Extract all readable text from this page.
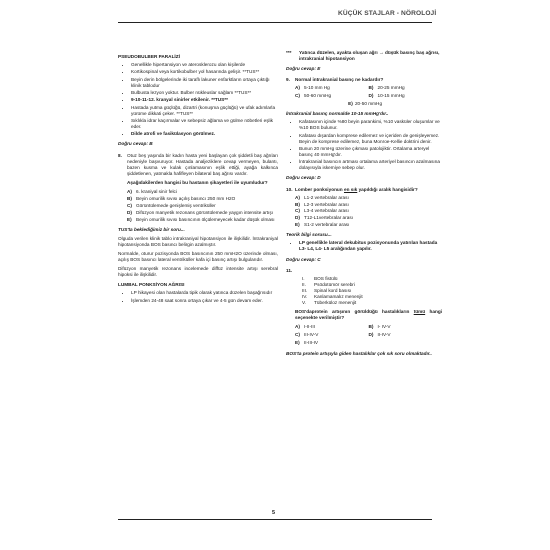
KÜÇÜK STAJLAR - NÖROLOJİ
PSEUDOBULBER PARALİZİ
• Genellikle hipertansiyon ve aterosklerozu olan kişilerde
• Kortikospinal veya kortikobulber yol hasarında gelişir. **TUS**
• Beyin derin bölgelerinde iki taraflı lakuner enfarktların ortaya çıktığı klinik tablodur
• Bulbusta lezyon yoktur. Bulber nükleuslar sağlam **TUS**
• 9-10-11-12. kranyal sinirler etkilenir. **TUS**
• Hastada yutma güçlüğü, dizartri (konuşma güçlüğü) ve ufak adımlarla yürüme dikkati çeker. **TUS**
• Sıklıkla idrar kaçırmalar ve sebepsiz ağlama ve gülme nöbetleri eşlik eder.
• Dilde atrofi ve fasikülasyon görülmez.
Doğru cevap: B
8.	Otuz beş yaşında bir kadın hasta yeni başlayan çok şiddetli baş ağrıları nedeniyle başvuruyor. Hastada analjeziklere cevap vermeyen, bulantı, bazen kusma ve kulak çınlamasının eşlik ettiği, ayağa kalkınca şiddetlenen, yatmakla hafifleyen bilateral baş ağrısı vardır.
Aşağıdakilerden hangisi bu hastanın şikayetleri ile uyumludur?
A) 6. kraniyal sinir felci
B) Beyin omurilik sıvısı açılış basıncı 250 mm H2O
C) Görüntülemede genişlemiş ventriküller
D) Difüzyon manyetik rezonans görüntülemede yaygın intensite artışı
E) Beyin omurilik sıvısı basıncının ölçülemeyecek kadar düşük olması
TUS'ta beklediğimiz bir soru...
Olguda verilen klinik tablo intrakraniyal hipotansiyon ile ilişkilidir. İntrakraniyal hipotansiyonda BOS basıncı belirgin azalmıştır.
Normalde, oturur pozisyonda BOS basıncının 250 mmH2O üzerinde olması, açılış BOS basıncı lateral ventriküller kafa içi basınç artışı bulgularıdır.
Difüzyon manyetik rezonans incelemede diffüz intensite artışı serebral hipoksi ile ilişkilidir.
LUMBAL PONKSİYON AĞRISI
• LP hikayesi olan hastalarda tipik olarak yatınca düzelen başağrısıdır
• İşlemden 24-48 saat sonra ortaya çıkar ve 4-5 gün devam eder.
*** Yatınca düzelen, ayakta oluşan ağrı → düşük basınç baş ağrısı, intrakranial hipotansiyon
Doğru cevap: E
9.	Normal intrakranial basınç ne kadardır?
A) 5-10 mm Hg	B) 20-25 mmHg
C) 50-60 mmHg	D) 10-15 mmHg
E) 20-50 mmHg
İntrakranial basınç normalde 10-15 mmHg'dır..
• Kafatasının içinde %80 beyin parankimi, %10 vasküler oluşumlar ve %10 BOS bulunur.
• Kafatası dışardan komprese edilemez ve içeriden de genişleyemez. Beyin de komprese edilemez, buna Monroe-Kellie doktrini denir.
• Bunun 20 mmHg üzerine çıkması patolojiktir. Ortalama arteryel basınç 40 mmHg'dır.
• İntrakranial basıncın artması ortalama arteriyel basıncın azalmasına dolayısıyla iskemiye sebep olur.
Doğru cevap: D
10. Lomber ponksiyonun en sık yapıldığı aralık hangisidir?
A) L1-2 vertebralar arası
B) L2-3 vertebralar arası
C) L3-4 vertebralar arası
D) T12-L1vertebralar arası
E) S1-2 vertebralar arası
Teorik bilgi sorusu...
• LP genellikle lateral dekubitus pozisyonunda yatırılan hastada L3- L4, L4- L5 aralığından yapılır.
Doğru cevap: C
11.
I.	BOS fistülü
II.	Psödotümör serebri
III.	Spinal kord basısı
IV.	Kanlamamalız menenjit
V.	Tüberküloz menenjit
BOS'daprotein artışının görüldüğü hastalıkların tümü hangi seçenekte verilmiştir?
A) I-II-III	B) I- IV-V
C) III-IV-V	D) II-IV-V
E) II-III-IV
BOS'ta protein artışıyla giden hastalıklar çok sık soru olmaktadır..
5
